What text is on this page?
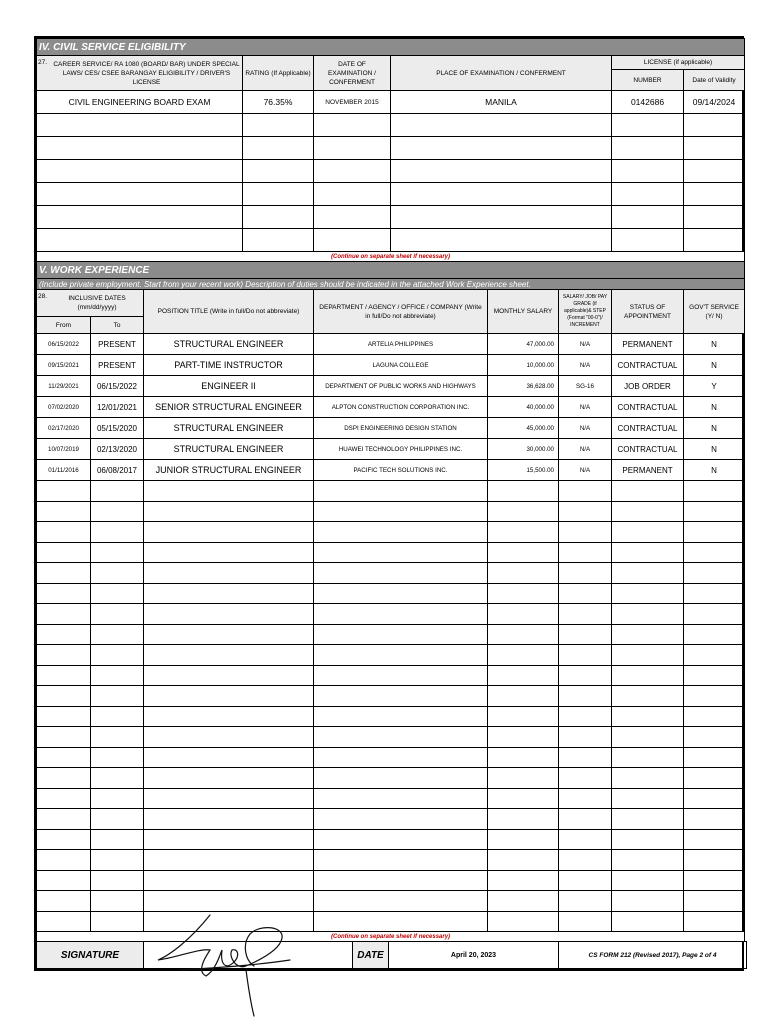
IV. CIVIL SERVICE ELIGIBILITY					

27. CAREER SERVICE/ RA 1080 (BOARD/ BAR) UNDER SPECIAL LAWS/ CES/ CSEE BARANGAY ELIGIBILITY / DRIVER'S LICENSE	RATING (If Applicable)	DATE OF EXAMINATION / CONFERMENT	PLACE OF EXAMINATION / CONFERMENT	LICENSE (if applicable)	
				NUMBER	Date of Validity
CIVIL ENGINEERING BOARD EXAM	76.35%	NOVEMBER 2015	MANILA	0142686	09/14/2024

(Continue on separate sheet if necessary)					
V. WORK EXPERIENCE							
(Include private employment. Start from your recent work) Description of duties should be indicated in the attached Work Experience sheet.							

28. INCLUSIVE DATES (mm/dd/yyyy)		POSITION TITLE (Write in full/Do not abbreviate)	DEPARTMENT / AGENCY / OFFICE / COMPANY (Write in full/Do not abbreviate)	MONTHLY SALARY	SALARY/ JOB/ PAY GRADE (if applicable)& STEP (Format "00-0")/ INCREMENT	STATUS OF APPOINTMENT	GOV'T SERVICE (Y/ N)
From	To						
06/15/2022	PRESENT	STRUCTURAL ENGINEER	ARTELIA PHILIPPINES	47,000.00	N/A	PERMANENT	N
09/15/2021	PRESENT	PART-TIME INSTRUCTOR	LAGUNA COLLEGE	10,000.00	N/A	CONTRACTUAL	N
11/29/2021	06/15/2022	ENGINEER II	DEPARTMENT OF PUBLIC WORKS AND HIGHWAYS	36,628.00	SG-16	JOB ORDER	Y
07/02/2020	12/01/2021	SENIOR STRUCTURAL ENGINEER	ALPTON CONSTRUCTION CORPORATION INC.	40,000.00	N/A	CONTRACTUAL	N
02/17/2020	05/15/2020	STRUCTURAL ENGINEER	DSPI ENGINEERING DESIGN STATION	45,000.00	N/A	CONTRACTUAL	N
10/07/2019	02/13/2020	STRUCTURAL ENGINEER	HUAWEI TECHNOLOGY PHILIPPINES INC.	30,000.00	N/A	CONTRACTUAL	N
01/11/2016	06/08/2017	JUNIOR STRUCTURAL ENGINEER	PACIFIC TECH SOLUTIONS INC.	15,500.00	N/A	PERMANENT	N

(Continue on separate sheet if necessary)							
SIGNATURE		DATE	April 20, 2023	CS FORM 212 (Revised 2017), Page 2 of 4
